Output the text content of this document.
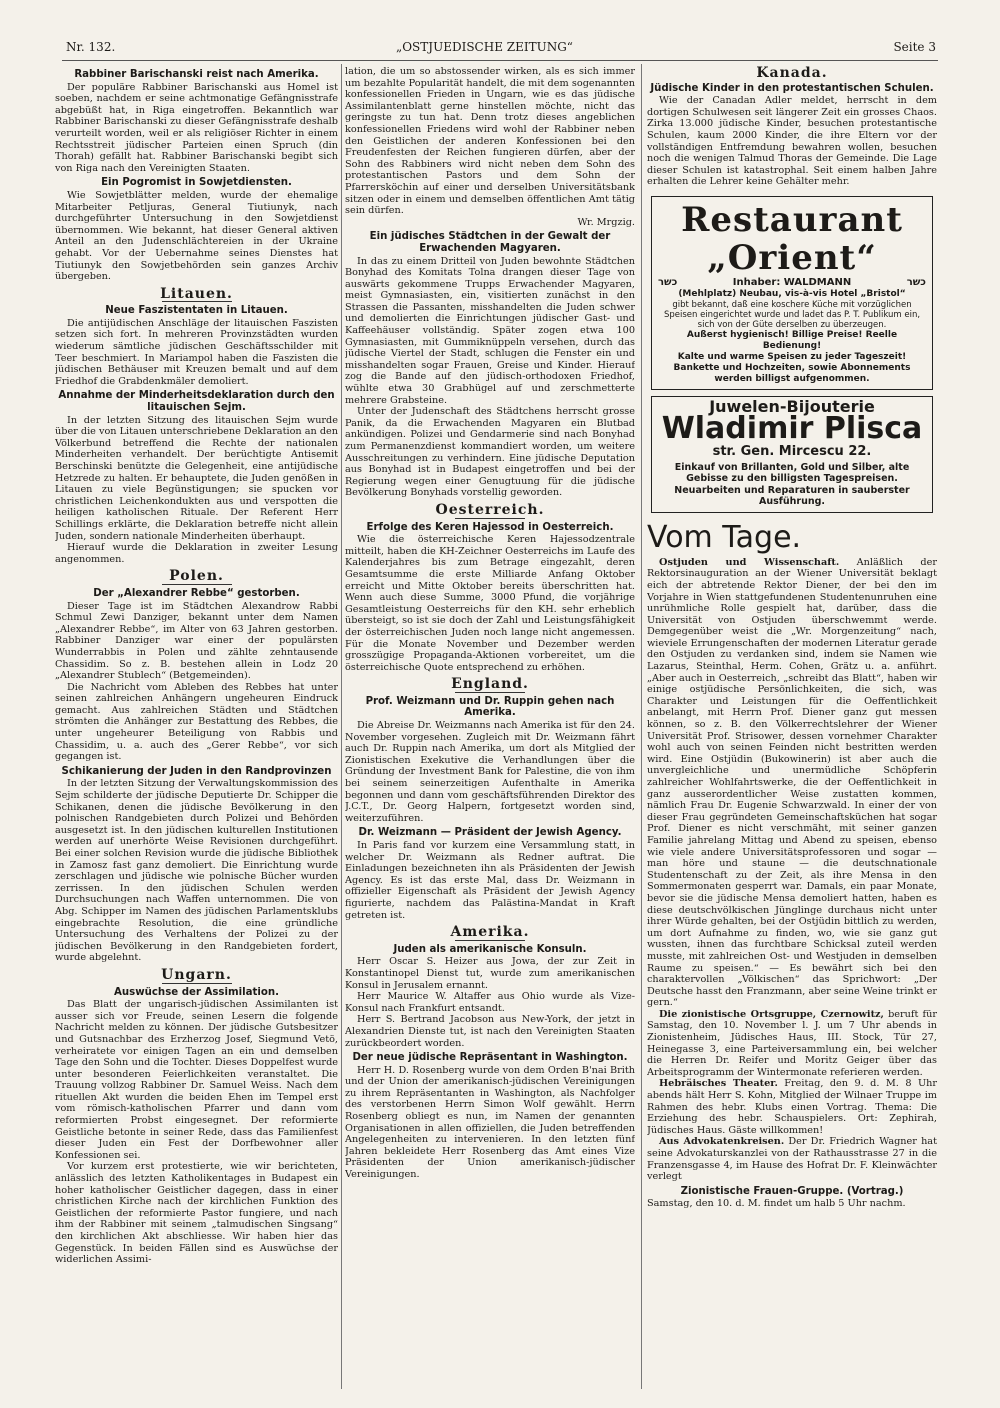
Nr. 132.	„OSTJUEDISCHE ZEITUNG“	Seite 3
Rabbiner Barischanski reist nach Amerika.

Der populäre Rabbiner Barischanski aus Homel ist soeben, nachdem er seine achtmonatige Gefängnisstrafe abgebüßt hat, in Riga eingetroffen. Bekanntlich war Rabbiner Barischanski zu dieser Gefängnisstrafe deshalb verurteilt worden, weil er als religiöser Richter in einem Rechtsstreit jüdischer Parteien einen Spruch (din Thorah) gefällt hat. Rabbiner Barischanski begibt sich von Riga nach den Vereinigten Staaten.

Ein Pogromist in Sowjetdiensten.

Wie Sowjetblätter melden, wurde der ehemalige Mitarbeiter Petljuras, General Tiutiunyk, nach durchgeführter Untersuchung in den Sowjetdienst übernommen. Wie bekannt, hat dieser General aktiven Anteil an den Judenschlächtereien in der Ukraine gehabt. Vor der Uebernahme seines Dienstes hat Tiutiunyk den Sowjetbehörden sein ganzes Archiv übergeben.

Litauen.
Neue Faszistentaten in Litauen.

Die antijüdischen Anschläge der litauischen Faszisten setzen sich fort. In mehreren Provinzstädten wurden wiederum sämtliche jüdischen Geschäftsschilder mit Teer beschmiert. In Mariampol haben die Faszisten die jüdischen Bethäuser mit Kreuzen bemalt und auf dem Friedhof die Grabdenkmäler demoliert.

Annahme der Minderheitsdeklaration durch den litauischen Sejm.

In der letzten Sitzung des litauischen Sejm wurde über die von Litauen unterschriebene Deklaration an den Völkerbund betreffend die Rechte der nationalen Minderheiten verhandelt. Der berüchtigte Antisemit Berschinski benützte die Gelegenheit, eine antijüdische Hetzrede zu halten. Er behauptete, die Juden genößen in Litauen zu viele Begünstigungen; sie spucken vor christlichen Leichenkondukten aus und verspotten die heiligen katholischen Rituale. Der Referent Herr Schillings erklärte, die Deklaration betreffe nicht allein Juden, sondern nationale Minderheiten überhaupt.

Hierauf wurde die Deklaration in zweiter Lesung angenommen.

Polen.
Der „Alexandrer Rebbe“ gestorben.

Dieser Tage ist im Städtchen Alexandrow Rabbi Schmul Zewi Danziger, bekannt unter dem Namen „Alexandrer Rebbe“, im Alter von 63 Jahren gestorben. Rabbiner Danziger war einer der populärsten Wunderrabbis in Polen und zählte zehntausende Chassidim. So z. B. bestehen allein in Lodz 20 „Alexandrer Stublech“ (Betgemeinden).

Die Nachricht vom Ableben des Rebbes hat unter seinen zahlreichen Anhängern ungeheuren Eindruck gemacht. Aus zahlreichen Städten und Städtchen strömten die Anhänger zur Bestattung des Rebbes, die unter ungeheurer Beteiligung von Rabbis und Chassidim, u. a. auch des „Gerer Rebbe“, vor sich gegangen ist.

Schikanierung der Juden in den Randprovinzen

In der letzten Sitzung der Verwaltungskommission des Sejm schilderte der jüdische Deputierte Dr. Schipper die Schikanen, denen die jüdische Bevölkerung in den polnischen Randgebieten durch Polizei und Behörden ausgesetzt ist. In den jüdischen kulturellen Institutionen werden auf unerhörte Weise Revisionen durchgeführt. Bei einer solchen Revision wurde die jüdische Bibliothek in Zamosz fast ganz demoliert. Die Einrichtung wurde zerschlagen und jüdische wie polnische Bücher wurden zerrissen. In den jüdischen Schulen werden Durchsuchungen nach Waffen unternommen. Die von Abg. Schipper im Namen des jüdischen Parlamentsklubs eingebrachte Resolution, die eine gründliche Untersuchung des Verhaltens der Polizei zu der jüdischen Bevölkerung in den Randgebieten fordert, wurde abgelehnt.

Ungarn.
Auswüchse der Assimilation.

Das Blatt der ungarisch-jüdischen Assimilanten ist ausser sich vor Freude, seinen Lesern die folgende Nachricht melden zu können. Der jüdische Gutsbesitzer und Gutsnachbar des Erzherzog Josef, Siegmund Vetö, verheiratete vor einigen Tagen an ein und demselben Tage den Sohn und die Tochter. Dieses Doppelfest wurde unter besonderen Feierlichkeiten veranstaltet. Die Trauung vollzog Rabbiner Dr. Samuel Weiss. Nach dem rituellen Akt wurden die beiden Ehen im Tempel erst vom römisch-katholischen Pfarrer und dann vom reformierten Probst eingesegnet. Der reformierte Geistliche betonte in seiner Rede, dass das Familienfest dieser Juden ein Fest der Dorfbewohner aller Konfessionen sei.

Vor kurzem erst protestierte, wie wir berichteten, anlässlich des letzten Katholikentages in Budapest ein hoher katholischer Geistlicher dagegen, dass in einer christlichen Kirche nach der kirchlichen Funktion des Geistlichen der reformierte Pastor fungiere, und nach ihm der Rabbiner mit seinem „talmudischen Singsang“ den kirchlichen Akt abschliesse. Wir haben hier das Gegenstück. In beiden Fällen sind es Auswüchse der widerlichen Assimi-

lation, die um so abstossender wirken, als es sich immer um bezahlte Popularität handelt, die mit dem sogenannten konfessionellen Frieden in Ungarn, wie es das jüdische Assimilantenblatt gerne hinstellen möchte, nicht das geringste zu tun hat. Denn trotz dieses angeblichen konfessionellen Friedens wird wohl der Rabbiner neben den Geistlichen der anderen Konfessionen bei den Freudenfesten der Reichen fungieren dürfen, aber der Sohn des Rabbiners wird nicht neben dem Sohn des protestantischen Pastors und dem Sohn der Pfarrersköchin auf einer und derselben Universitätsbank sitzen oder in einem und demselben öffentlichen Amt tätig sein dürfen.

Wr. Mrgzig.
Ein jüdisches Städtchen in der Gewalt der Erwachenden Magyaren.

In das zu einem Dritteil von Juden bewohnte Städtchen Bonyhad des Komitats Tolna drangen dieser Tage von auswärts gekommene Trupps Erwachender Magyaren, meist Gymnasiasten, ein, visitierten zunächst in den Strassen die Passanten, misshandelten die Juden schwer und demolierten die Einrichtungen jüdischer Gast- und Kaffeehäuser vollständig. Später zogen etwa 100 Gymnasiasten, mit Gummiknüppeln versehen, durch das jüdische Viertel der Stadt, schlugen die Fenster ein und misshandelten sogar Frauen, Greise und Kinder. Hierauf zog die Bande auf den jüdisch-orthodoxen Friedhof, wühlte etwa 30 Grabhügel auf und zerschmetterte mehrere Grabsteine.

Unter der Judenschaft des Städtchens herrscht grosse Panik, da die Erwachenden Magyaren ein Blutbad ankündigen. Polizei und Gendarmerie sind nach Bonyhad zum Permanenzdienst kommandiert worden, um weitere Ausschreitungen zu verhindern. Eine jüdische Deputation aus Bonyhad ist in Budapest eingetroffen und bei der Regierung wegen einer Genugtuung für die jüdische Bevölkerung Bonyhads vorstellig geworden.

Oesterreich.
Erfolge des Keren Hajessod in Oesterreich.

Wie die österreichische Keren Hajessodzentrale mitteilt, haben die KH-Zeichner Oesterreichs im Laufe des Kalenderjahres bis zum Betrage eingezahlt, deren Gesamtsumme die erste Milliarde Anfang Oktober erreicht und Mitte Oktober bereits überschritten hat. Wenn auch diese Summe, 3000 Pfund, die vorjährige Gesamtleistung Oesterreichs für den KH. sehr erheblich übersteigt, so ist sie doch der Zahl und Leistungsfähigkeit der österreichischen Juden noch lange nicht angemessen. Für die Monate November und Dezember werden grosszügige Propaganda-Aktionen vorbereitet, um die österreichische Quote entsprechend zu erhöhen.

England.
Prof. Weizmann und Dr. Ruppin gehen nach Amerika.

Die Abreise Dr. Weizmanns nach Amerika ist für den 24. November vorgesehen. Zugleich mit Dr. Weizmann fährt auch Dr. Ruppin nach Amerika, um dort als Mitglied der Zionistischen Exekutive die Verhandlungen über die Gründung der Investment Bank for Palestine, die von ihm bei seinem seinerzeitigen Aufenthalte in Amerika begonnen und dann vom geschäftsführenden Direktor des J.C.T., Dr. Georg Halpern, fortgesetzt worden sind, weiterzuführen.

Dr. Weizmann — Präsident der Jewish Agency.

In Paris fand vor kurzem eine Versammlung statt, in welcher Dr. Weizmann als Redner auftrat. Die Einladungen bezeichneten ihn als Präsidenten der Jewish Agency. Es ist das erste Mal, dass Dr. Weizmann in offizieller Eigenschaft als Präsident der Jewish Agency figurierte, nachdem das Palästina-Mandat in Kraft getreten ist.

Amerika.
Juden als amerikanische Konsuln.

Herr Oscar S. Heizer aus Jowa, der zur Zeit in Konstantinopel Dienst tut, wurde zum amerikanischen Konsul in Jerusalem ernannt.

Herr Maurice W. Altaffer aus Ohio wurde als Vize-Konsul nach Frankfurt entsandt.

Herr S. Bertrand Jacobson aus New-York, der jetzt in Alexandrien Dienste tut, ist nach den Vereinigten Staaten zurückbeordert worden.

Der neue jüdische Repräsentant in Washington.

Herr H. D. Rosenberg wurde von dem Orden B'nai Brith und der Union der amerikanisch-jüdischen Vereinigungen zu ihrem Repräsentanten in Washington, als Nachfolger des verstorbenen Herrn Simon Wolf gewählt. Herrn Rosenberg obliegt es nun, im Namen der genannten Organisationen in allen offiziellen, die Juden betreffenden Angelegenheiten zu intervenieren. In den letzten fünf Jahren bekleidete Herr Rosenberg das Amt eines Vize Präsidenten der Union amerikanisch-jüdischer Vereinigungen.

Kanada.
Jüdische Kinder in den protestantischen Schulen.

Wie der Canadan Adler meldet, herrscht in dem dortigen Schulwesen seit längerer Zeit ein grosses Chaos. Zirka 13.000 jüdische Kinder, besuchen protestantische Schulen, kaum 2000 Kinder, die ihre Eltern vor der vollständigen Entfremdung bewahren wollen, besuchen noch die wenigen Talmud Thoras der Gemeinde. Die Lage dieser Schulen ist katastrophal. Seit einem halben Jahre erhalten die Lehrer keine Gehälter mehr.

Restaurant „Orient“
כשר	Inhaber: WALDMANN	כשר
(Mehlplatz) Neubau, vis-à-vis Hotel „Bristol“
gibt bekannt, daß eine koschere Küche mit vorzüglichen Speisen eingerichtet wurde und ladet das P. T. Publikum ein, sich von der Güte derselben zu überzeugen.
Außerst hygienisch! Billige Preise! Reelle Bedienung!
Kalte und warme Speisen zu jeder Tageszeit!
Bankette und Hochzeiten, sowie Abonnements werden billigst aufgenommen.
Juwelen-Bijouterie
Wladimir Plisca
str. Gen. Mircescu 22.
Einkauf von Brillanten, Gold und Silber, alte Gebisse zu den billigsten Tagespreisen. Neuarbeiten und Reparaturen in sauberster Ausführung.
Vom Tage.

Ostjuden und Wissenschaft. Anläßlich der Rektorsinauguration an der Wiener Universität beklagt eich der abtretende Rektor Diener, der bei den im Vorjahre in Wien stattgefundenen Studentenunruhen eine unrühmliche Rolle gespielt hat, darüber, dass die Universität von Ostjuden überschwemmt werde. Demgegenüber weist die „Wr. Morgenzeitung“ nach, wieviele Errungenschaften der modernen Literatur gerade den Ostjuden zu verdanken sind, indem sie Namen wie Lazarus, Steinthal, Herm. Cohen, Grätz u. a. anführt. „Aber auch in Oesterreich, „schreibt das Blatt“, haben wir einige ostjüdische Persönlichkeiten, die sich, was Charakter und Leistungen für die Oeffentlichkeit anbelangt, mit Herrn Prof. Diener ganz gut messen können, so z. B. den Völkerrechtslehrer der Wiener Universität Prof. Strisower, dessen vornehmer Charakter wohl auch von seinen Feinden nicht bestritten werden wird. Eine Ostjüdin (Bukowinerin) ist aber auch die unvergleichliche und unermüdliche Schöpferin zahlreicher Wohlfahrtswerke, die der Oeffentlichkeit in ganz ausserordentlicher Weise zustatten kommen, nämlich Frau Dr. Eugenie Schwarzwald. In einer der von dieser Frau gegründeten Gemeinschaftsküchen hat sogar Prof. Diener es nicht verschmäht, mit seiner ganzen Familie jahrelang Mittag und Abend zu speisen, ebenso wie viele andere Universitätsprofessoren und sogar — man höre und staune — die deutschnationale Studentenschaft zu der Zeit, als ihre Mensa in den Sommermonaten gesperrt war. Damals, ein paar Monate, bevor sie die jüdische Mensa demoliert hatten, haben es diese deutschvölkischen Jünglinge durchaus nicht unter ihrer Würde gehalten, bei der Ostjüdin bittlich zu werden, um dort Aufnahme zu finden, wo, wie sie ganz gut wussten, ihnen das furchtbare Schicksal zuteil werden musste, mit zahlreichen Ost- und Westjuden in demselben Raume zu speisen.“ — Es bewährt sich bei den charaktervollen „Völkischen“ das Sprichwort: „Der Deutsche hasst den Franzmann, aber seine Weine trinkt er gern.“

Die zionistische Ortsgruppe, Czernowitz, beruft für Samstag, den 10. November l. J. um 7 Uhr abends in Zionistenheim, Jüdisches Haus, III. Stock, Tür 27, Heinegasse 3, eine Parteiversammlung ein, bei welcher die Herren Dr. Reifer und Moritz Geiger über das Arbeitsprogramm der Wintermonate referieren werden.

Hebräisches Theater. Freitag, den 9. d. M. 8 Uhr abends hält Herr S. Kohn, Mitglied der Wilnaer Truppe im Rahmen des hebr. Klubs einen Vortrag. Thema: Die Erziehung des hebr. Schauspielers. Ort: Zephirah, Jüdisches Haus. Gäste willkommen!

Aus Advokatenkreisen. Der Dr. Friedrich Wagner hat seine Advokaturskanzlei von der Rathausstrasse 27 in die Franzensgasse 4, im Hause des Hofrat Dr. F. Kleinwächter verlegt

Zionistische Frauen-Gruppe. (Vortrag.)

Samstag, den 10. d. M. findet um halb 5 Uhr nachm.
